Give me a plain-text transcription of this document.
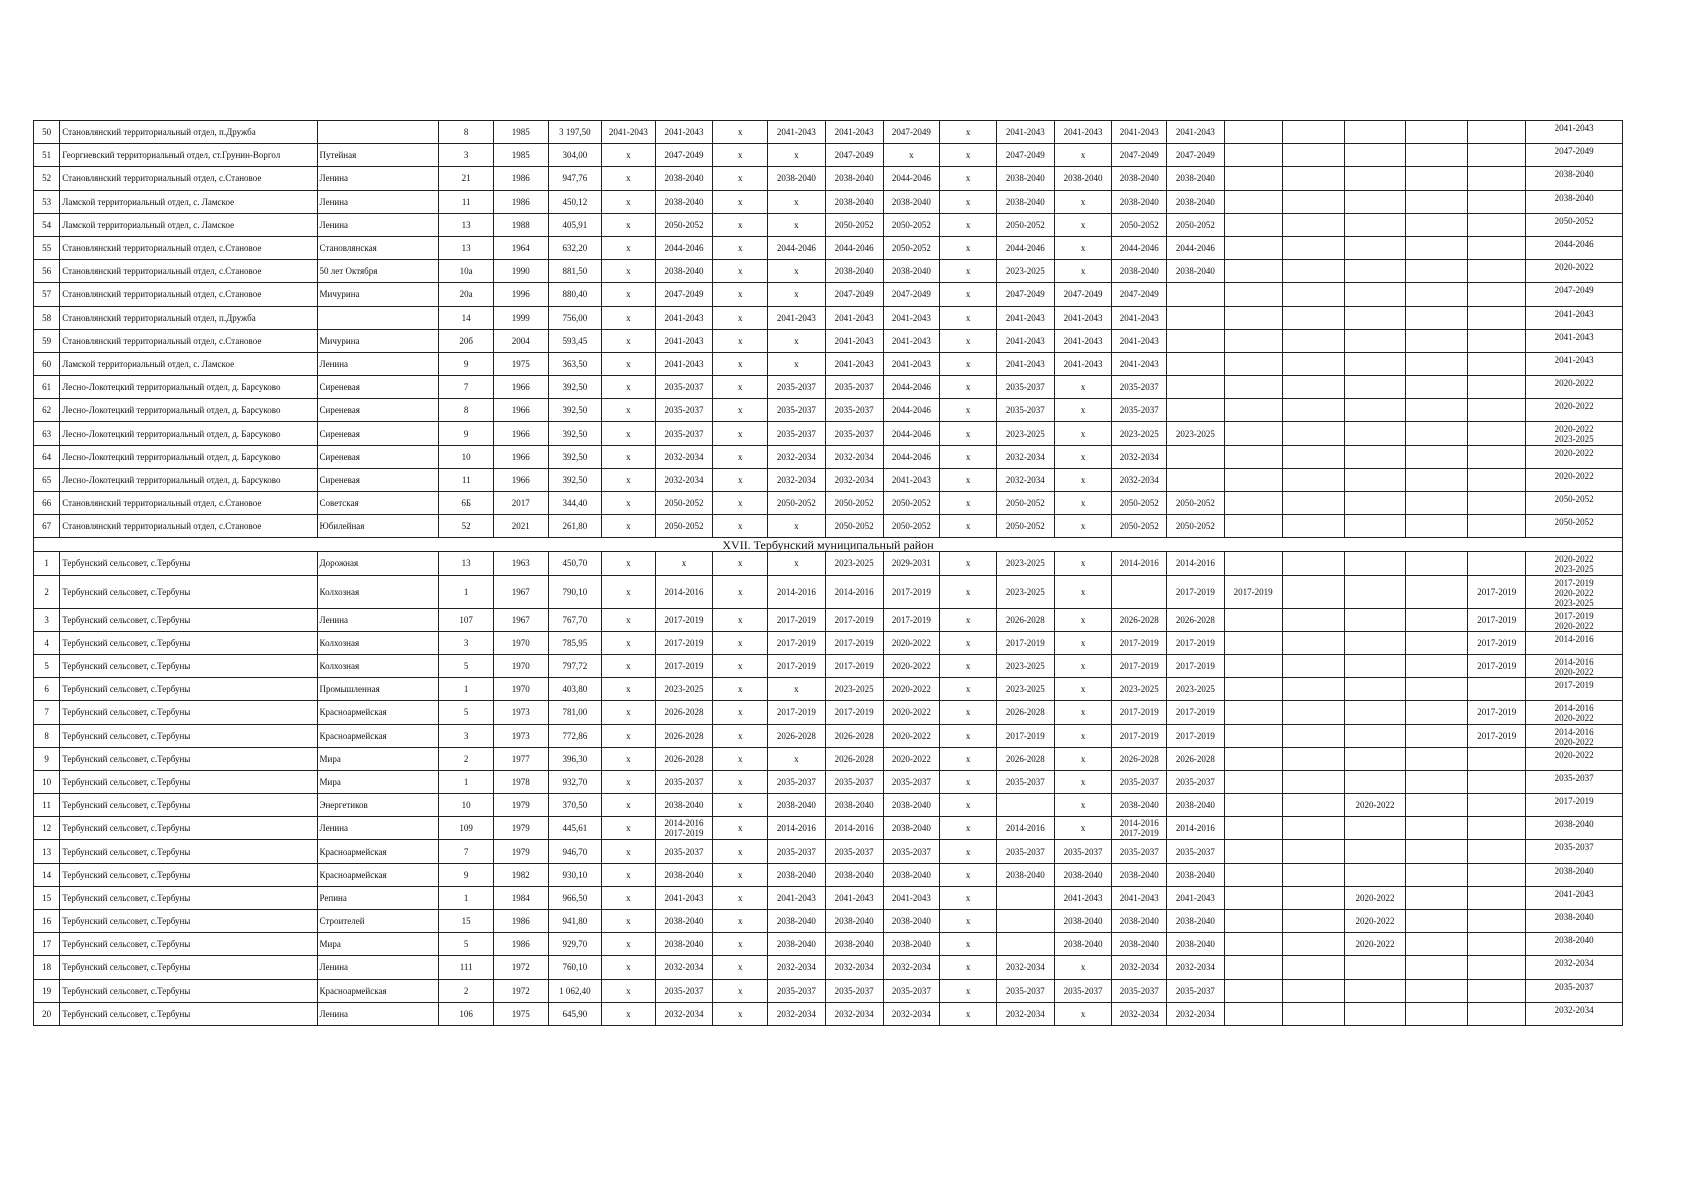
50	Становлянский территориальный отдел, п.Дружба		8	1985	3 197,50	2041-2043	2041-2043	х	2041-2043	2041-2043	2047-2049	х	2041-2043	2041-2043	2041-2043	2041-2043						2041-2043

51	Георгиевский территориальный отдел, ст.Грунин-Воргол	Путейная	3	1985	304,00	х	2047-2049	х	х	2047-2049	х	х	2047-2049	х	2047-2049	2047-2049						2047-2049

52	Становлянский территориальный отдел, с.Становое	Ленина	21	1986	947,76	х	2038-2040	х	2038-2040	2038-2040	2044-2046	х	2038-2040	2038-2040	2038-2040	2038-2040						2038-2040

53	Ламской территориальный отдел, с. Ламское	Ленина	11	1986	450,12	х	2038-2040	х	х	2038-2040	2038-2040	х	2038-2040	х	2038-2040	2038-2040						2038-2040

54	Ламской территориальный отдел, с. Ламское	Ленина	13	1988	405,91	х	2050-2052	х	х	2050-2052	2050-2052	х	2050-2052	х	2050-2052	2050-2052						2050-2052

55	Становлянский территориальный отдел, с.Становое	Становлянская	13	1964	632,20	х	2044-2046	х	2044-2046	2044-2046	2050-2052	х	2044-2046	х	2044-2046	2044-2046						2044-2046

56	Становлянский территориальный отдел, с.Становое	50 лет Октября	10а	1990	881,50	х	2038-2040	х	х	2038-2040	2038-2040	х	2023-2025	х	2038-2040	2038-2040						2020-2022

57	Становлянский территориальный отдел, с.Становое	Мичурина	20а	1996	880,40	х	2047-2049	х	х	2047-2049	2047-2049	х	2047-2049	2047-2049	2047-2049							2047-2049

58	Становлянский территориальный отдел, п.Дружба		14	1999	756,00	х	2041-2043	х	2041-2043	2041-2043	2041-2043	х	2041-2043	2041-2043	2041-2043							2041-2043

59	Становлянский территориальный отдел, с.Становое	Мичурина	20б	2004	593,45	х	2041-2043	х	х	2041-2043	2041-2043	х	2041-2043	2041-2043	2041-2043							2041-2043

60	Ламской территориальный отдел, с. Ламское	Ленина	9	1975	363,50	х	2041-2043	х	х	2041-2043	2041-2043	х	2041-2043	2041-2043	2041-2043							2041-2043

61	Лесно-Локотецкий территориальный отдел, д. Барсуково	Сиреневая	7	1966	392,50	х	2035-2037	х	2035-2037	2035-2037	2044-2046	х	2035-2037	х	2035-2037							2020-2022

62	Лесно-Локотецкий территориальный отдел, д. Барсуково	Сиреневая	8	1966	392,50	х	2035-2037	х	2035-2037	2035-2037	2044-2046	х	2035-2037	х	2035-2037							2020-2022

63	Лесно-Локотецкий территориальный отдел, д. Барсуково	Сиреневая	9	1966	392,50	х	2035-2037	х	2035-2037	2035-2037	2044-2046	х	2023-2025	х	2023-2025	2023-2025						2020-2022
2023-2025

64	Лесно-Локотецкий территориальный отдел, д. Барсуково	Сиреневая	10	1966	392,50	х	2032-2034	х	2032-2034	2032-2034	2044-2046	х	2032-2034	х	2032-2034							2020-2022

65	Лесно-Локотецкий территориальный отдел, д. Барсуково	Сиреневая	11	1966	392,50	х	2032-2034	х	2032-2034	2032-2034	2041-2043	х	2032-2034	х	2032-2034							2020-2022

66	Становлянский территориальный отдел, с.Становое	Советская	6Б	2017	344,40	х	2050-2052	х	2050-2052	2050-2052	2050-2052	х	2050-2052	х	2050-2052	2050-2052						2050-2052

67	Становлянский территориальный отдел, с.Становое	Юбилейная	52	2021	261,80	х	2050-2052	х	х	2050-2052	2050-2052	х	2050-2052	х	2050-2052	2050-2052						2050-2052

XVII. Тербунский муниципальный район																						

1	Тербунский сельсовет, с.Тербуны	Дорожная	13	1963	450,70	х	х	х	х	2023-2025	2029-2031	х	2023-2025	х	2014-2016	2014-2016						2020-2022
2023-2025

2	Тербунский сельсовет, с.Тербуны	Колхозная	1	1967	790,10	х	2014-2016	х	2014-2016	2014-2016	2017-2019	х	2023-2025	х		2017-2019	2017-2019				2017-2019	2017-2019
2020-2022
2023-2025

3	Тербунский сельсовет, с.Тербуны	Ленина	107	1967	767,70	х	2017-2019	х	2017-2019	2017-2019	2017-2019	х	2026-2028	х	2026-2028	2026-2028					2017-2019	2017-2019
2020-2022

4	Тербунский сельсовет, с.Тербуны	Колхозная	3	1970	785,95	х	2017-2019	х	2017-2019	2017-2019	2020-2022	х	2017-2019	х	2017-2019	2017-2019					2017-2019	2014-2016

5	Тербунский сельсовет, с.Тербуны	Колхозная	5	1970	797,72	х	2017-2019	х	2017-2019	2017-2019	2020-2022	х	2023-2025	х	2017-2019	2017-2019					2017-2019	2014-2016
2020-2022

6	Тербунский сельсовет, с.Тербуны	Промышленная	1	1970	403,80	х	2023-2025	х	х	2023-2025	2020-2022	х	2023-2025	х	2023-2025	2023-2025						2017-2019

7	Тербунский сельсовет, с.Тербуны	Красноармейская	5	1973	781,00	х	2026-2028	х	2017-2019	2017-2019	2020-2022	х	2026-2028	х	2017-2019	2017-2019					2017-2019	2014-2016
2020-2022

8	Тербунский сельсовет, с.Тербуны	Красноармейская	3	1973	772,86	х	2026-2028	х	2026-2028	2026-2028	2020-2022	х	2017-2019	х	2017-2019	2017-2019					2017-2019	2014-2016
2020-2022

9	Тербунский сельсовет, с.Тербуны	Мира	2	1977	396,30	х	2026-2028	х	х	2026-2028	2020-2022	х	2026-2028	х	2026-2028	2026-2028						2020-2022

10	Тербунский сельсовет, с.Тербуны	Мира	1	1978	932,70	х	2035-2037	х	2035-2037	2035-2037	2035-2037	х	2035-2037	х	2035-2037	2035-2037						2035-2037

11	Тербунский сельсовет, с.Тербуны	Энергетиков	10	1979	370,50	х	2038-2040	х	2038-2040	2038-2040	2038-2040	х		х	2038-2040	2038-2040			2020-2022			2017-2019

12	Тербунский сельсовет, с.Тербуны	Ленина	109	1979	445,61	х	2014-2016
2017-2019	х	2014-2016	2014-2016	2038-2040	х	2014-2016	х	2014-2016
2017-2019	2014-2016						2038-2040

13	Тербунский сельсовет, с.Тербуны	Красноармейская	7	1979	946,70	х	2035-2037	х	2035-2037	2035-2037	2035-2037	х	2035-2037	2035-2037	2035-2037	2035-2037						2035-2037

14	Тербунский сельсовет, с.Тербуны	Красноармейская	9	1982	930,10	х	2038-2040	х	2038-2040	2038-2040	2038-2040	х	2038-2040	2038-2040	2038-2040	2038-2040						2038-2040

15	Тербунский сельсовет, с.Тербуны	Репина	1	1984	966,50	х	2041-2043	х	2041-2043	2041-2043	2041-2043	х		2041-2043	2041-2043	2041-2043			2020-2022			2041-2043

16	Тербунский сельсовет, с.Тербуны	Строителей	15	1986	941,80	х	2038-2040	х	2038-2040	2038-2040	2038-2040	х		2038-2040	2038-2040	2038-2040			2020-2022			2038-2040

17	Тербунский сельсовет, с.Тербуны	Мира	5	1986	929,70	х	2038-2040	х	2038-2040	2038-2040	2038-2040	х		2038-2040	2038-2040	2038-2040			2020-2022			2038-2040

18	Тербунский сельсовет, с.Тербуны	Ленина	111	1972	760,10	х	2032-2034	х	2032-2034	2032-2034	2032-2034	х	2032-2034	х	2032-2034	2032-2034						2032-2034

19	Тербунский сельсовет, с.Тербуны	Красноармейская	2	1972	1 062,40	х	2035-2037	х	2035-2037	2035-2037	2035-2037	х	2035-2037	2035-2037	2035-2037	2035-2037						2035-2037

20	Тербунский сельсовет, с.Тербуны	Ленина	106	1975	645,90	х	2032-2034	х	2032-2034	2032-2034	2032-2034	х	2032-2034	х	2032-2034	2032-2034						2032-2034
